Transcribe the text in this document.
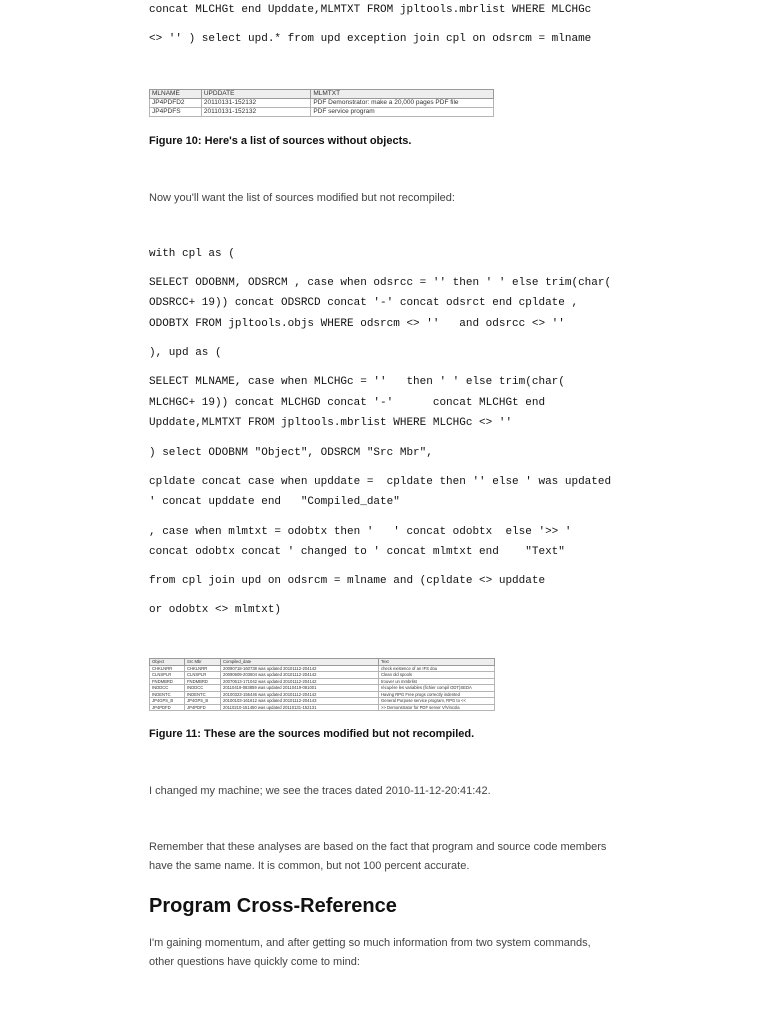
concat MLCHGt end Upddate,MLMTXT FROM jpltools.mbrlist WHERE MLCHGc
<> '' ) select upd.* from upd exception join cpl on odsrcm = mlname
MLNAME	UPDDATE	MLMTXT
JP4PDFD2	20110131-152132	PDF Demonstrator: make a 20,000 pages PDF file
JP4PDFS	20110131-152132	PDF service program

Figure 10: Here's a list of sources without objects.

Now you'll want the list of sources modified but not recompiled:

with cpl as (
SELECT ODOBNM, ODSRCM , case when odsrcc = '' then ' ' else trim(char(
ODSRCC+ 19)) concat ODSRCD concat '-' concat odsrct end cpldate ,
ODOBTX FROM jpltools.objs WHERE odsrcm <> ''   and odsrcc <> ''
), upd as (
SELECT MLNAME, case when MLCHGc = ''   then ' ' else trim(char(
MLCHGC+ 19)) concat MLCHGD concat '-'      concat MLCHGt end
Upddate,MLMTXT FROM jpltools.mbrlist WHERE MLCHGc <> ''
) select ODOBNM "Object", ODSRCM "Src Mbr",
cpldate concat case when upddate =  cpldate then '' else ' was updated
' concat upddate end   "Compiled_date"
, case when mlmtxt = odobtx then '   ' concat odobtx  else '>> '
concat odobtx concat ' changed to ' concat mlmtxt end    "Text"
from cpl join upd on odsrcm = mlname and (cpldate <> upddate
or odobtx <> mlmtxt)
Object	Src Mbr	Compiled_date	Text
CHKLNRR	CHKLNRR	20090718-160738 was updated 20101112-204142	check existence of an IFS dou
CLNSPLR	CLNSPLR	20090609-203604 was updated 20101112-204142	Clean old spools
FNDMBRD	FNDMBRD	20070613-171042 was updated 20101112-204142	trouver un mmbrlist
INDDCC	INDDCC	20110419-083859 was updated 20110419-081001	récupère les variables (fichier compil ODT)SEDA
INDENTC	INDENTC	20100323-155446 was updated 20101112-204142	Having RPG Free progs correctly indented
JP4GPS_B	JP4GPS_B	20100103-161612 was updated 20101112-204143	General Purpose service program, RPG to <<
JP4PDFD	JP4PDFD	20110210-151450 was updated 20110131-152131	>> Demonstrator for PDF server V/Vincola

Figure 11: These are the sources modified but not recompiled.

I changed my machine; we see the traces dated 2010-11-12-20:41:42.

Remember that these analyses are based on the fact that program and source code members have the same name. It is common, but not 100 percent accurate.

Program Cross-Reference

I'm gaining momentum, and after getting so much information from two system commands, other questions have quickly come to mind:
